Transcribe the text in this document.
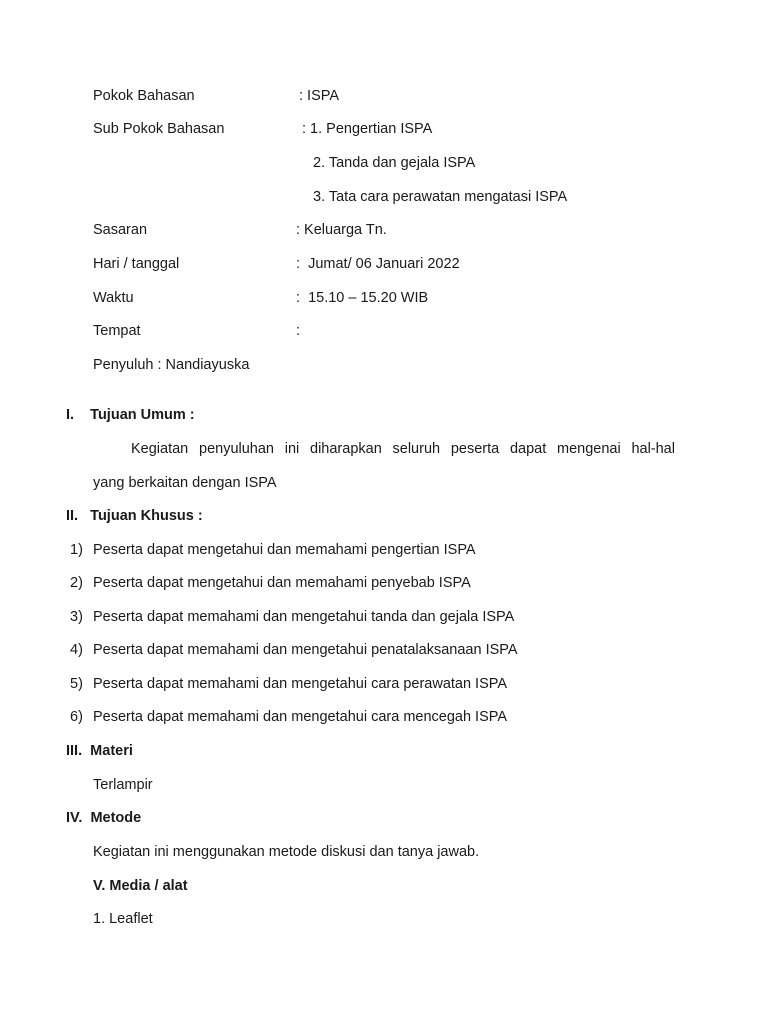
Pokok Bahasan	: ISPA
Sub Pokok Bahasan	: 1. Pengertian ISPA
2. Tanda dan gejala ISPA
3. Tata cara perawatan mengatasi ISPA
Sasaran	: Keluarga Tn.
Hari / tanggal	:  Jumat/ 06 Januari 2022
Waktu	:  15.10 – 15.20 WIB
Tempat	:
Penyuluh : Nandiayuska
I.    Tujuan Umum :
Kegiatan penyuluhan ini diharapkan seluruh peserta dapat mengenai hal-hal
yang berkaitan dengan ISPA
II.   Tujuan Khusus :
1) Peserta dapat mengetahui dan memahami pengertian ISPA
2) Peserta dapat mengetahui dan memahami penyebab ISPA
3) Peserta dapat memahami dan mengetahui tanda dan gejala ISPA
4) Peserta dapat memahami dan mengetahui penatalaksanaan ISPA
5) Peserta dapat memahami dan mengetahui cara perawatan ISPA
6) Peserta dapat memahami dan mengetahui cara mencegah ISPA
III.  Materi
Terlampir
IV.  Metode
Kegiatan ini menggunakan metode diskusi dan tanya jawab.
V. Media / alat
1. Leaflet
